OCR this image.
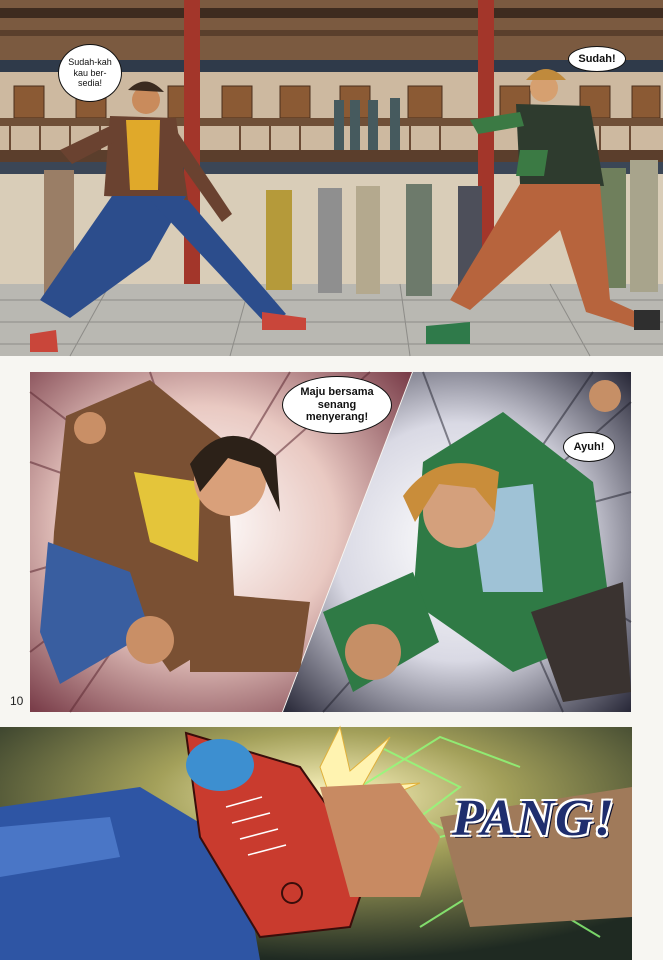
Sudah-kah kau ber-sedia!
Sudah!
Maju bersama senang menyerang!
10
Ayuh!
PANG!
